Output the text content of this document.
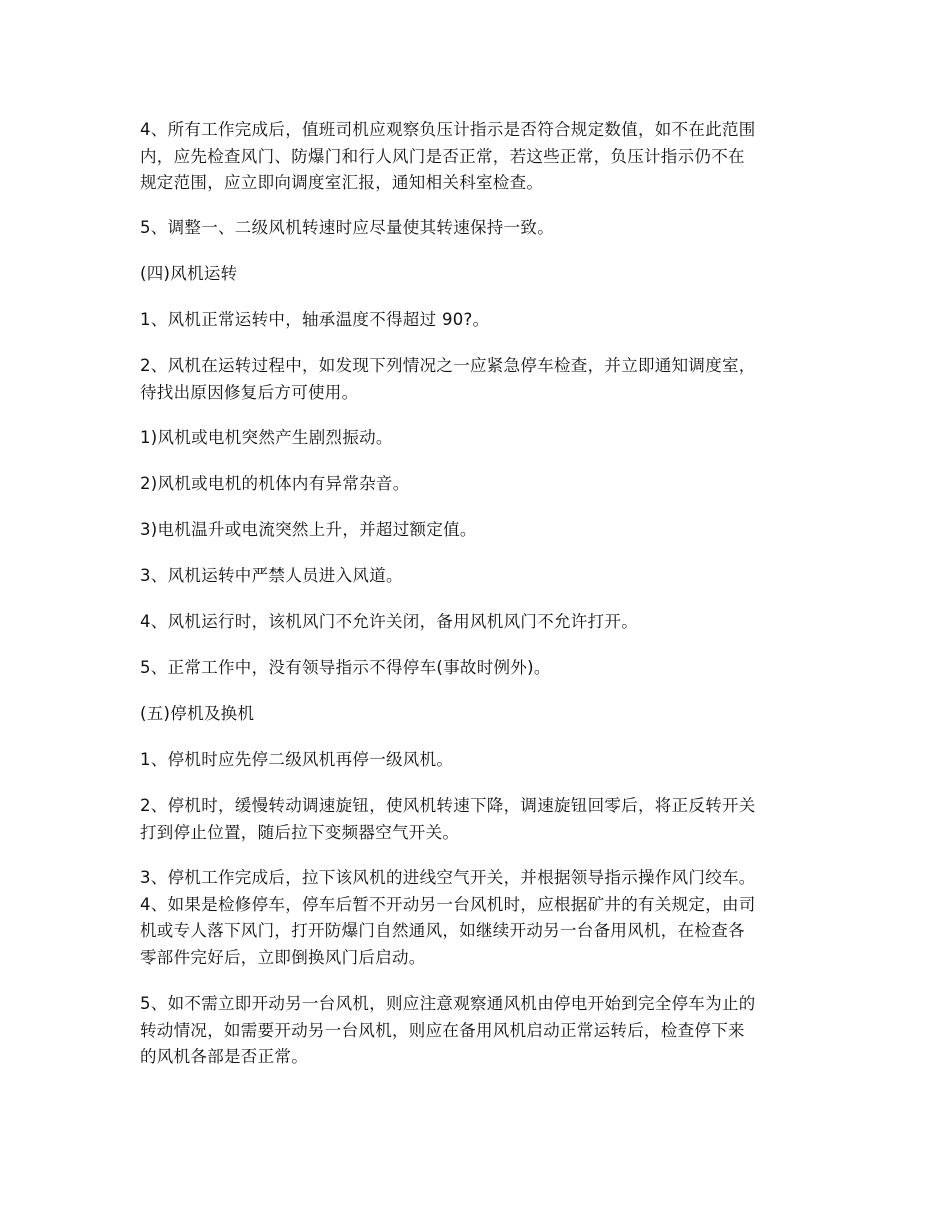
4、所有工作完成后，值班司机应观察负压计指示是否符合规定数值，如不在此范围
内，应先检查风门、防爆门和行人风门是否正常，若这些正常，负压计指示仍不在
规定范围，应立即向调度室汇报，通知相关科室检查。
5、调整一、二级风机转速时应尽量使其转速保持一致。
(四)风机运转
1、风机正常运转中，轴承温度不得超过 90?。
2、风机在运转过程中，如发现下列情况之一应紧急停车检查，并立即通知调度室，
待找出原因修复后方可使用。
1)风机或电机突然产生剧烈振动。
2)风机或电机的机体内有异常杂音。
3)电机温升或电流突然上升，并超过额定值。
3、风机运转中严禁人员进入风道。
4、风机运行时，该机风门不允许关闭，备用风机风门不允许打开。
5、正常工作中，没有领导指示不得停车(事故时例外)。
(五)停机及换机
1、停机时应先停二级风机再停一级风机。
2、停机时，缓慢转动调速旋钮，使风机转速下降，调速旋钮回零后，将正反转开关
打到停止位置，随后拉下变频器空气开关。
3、停机工作完成后，拉下该风机的进线空气开关，并根据领导指示操作风门绞车。
4、如果是检修停车，停车后暂不开动另一台风机时，应根据矿井的有关规定，由司
机或专人落下风门，打开防爆门自然通风，如继续开动另一台备用风机，在检查各
零部件完好后，立即倒换风门后启动。
5、如不需立即开动另一台风机，则应注意观察通风机由停电开始到完全停车为止的
转动情况，如需要开动另一台风机，则应在备用风机启动正常运转后，检查停下来
的风机各部是否正常。
